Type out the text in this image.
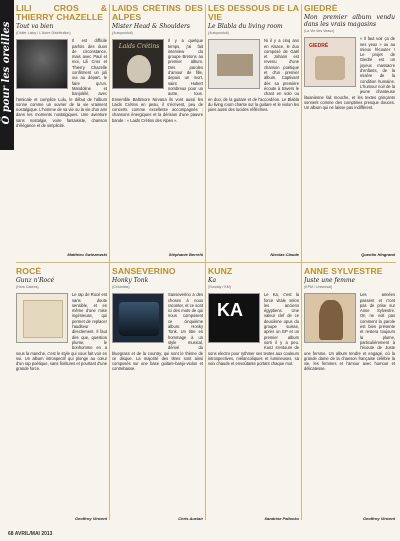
Ô pour les oreilles
LILI CROS & THIERRY CHAZELLE
Tout va bien
(Didier Laloy / L'Autre Distribution)
Il est difficile parfois des duos de circonstance, mais avec Paul et moi, Lili Cros et Thierry Chazelle confirment un joli oui au départ, le faire qu'un. Mandoline et banjolélé, avec l'amicale et complice Lulu, le début de l'album sonne comme un ouvrier de la vie vraiment nostalgique. L'homme de sa vie ou la vie d'un ami dans les moments nostalgiques. Une aventure sans nostalgie, voire fantaisiste, chanson d'élégance et de simplicité.
Matthieu Swiezewski
LAIDS CRÉTINS DES ALPES
Mister Head & Shoulders
(Autoproduit)
Laids Crétins
Il y a quelque temps, j'ai fait interview du groupe Bretons au premier album. Des paroles d'amour de fille, depuis un mort, saint Hubert nombreux pour un autre, tous. Ensemble Baltimore Nirvana ils vont aussi les Laids Crétins en peau, il s'écrivent, peu de concerts comme excellente accompagnés : chansons énergiques et la dérision d'une pauvre bande : « Laids Crétins des Alpes ».
Stéphanie Berrehi
LES DESSOUS DE LA VIE
Le Blabla du living room
(Autoproduit)
Ni il y a cinq ans en Alsace, le duo composé de Gaël et Johann est revenu d'une chanson poétique et d'un premier album. Captivant dès sa première écoute à travers le chant en solo ou en duo, de la guitare et de l'accordéon. Le Blabla du living room chante sur la guitare et le violon les joies aussi des lucides réfléchies.
Nicolas Claude
GIEDRÉ
Mon premier album vendu dans les vrais magasins
(La Vie des Veaux)
GIEDRÉ
« Il faut voir ça de ses yeux » ou au mieux l'écouter ! Le projet de Giedré est un joyeux massacre d'enfants, de la misère de la condition humaine. L'humour noir de la jeune chanteuse lituanienne fait mouche, et les textes grinçants sonnent comme des comptines presque douces. Un album qui ne laisse pas indifférent.
Quentin Hingrand
ROCÉ
Gunz n'Rocé
(Hors Cadres)
Le rap de Rocé est sans doute sensible, et en même d'une mise ingénieuse, qui permet de replacer l'auditeur directement. Il faut dire que, question plume, le bonhomme en a sous la manche, c'est le style qui vous fait voir en soi. Un album introspectif qui plonge au cœur d'un rap poétique, sans fioritures et pourtant d'une grande force.
Geoffroy Vincent
SANSEVERINO
Honky Tonk
(Columbia)
Sanseverino a des choses à nous raconter, et ce sont ici des mots de qui nous composent ce cinquième album. Honky Tonk. Un titre en hommage à un style musical, dérivé du bluegrass et de la country, qui sont le thème de ce disque. La majorité des titres sont ainsi composés sur une base guitare-banjo-violon et contrebasse.
Chris Auclair
KUNZ
Ka
(Sunday / KM)
KA
Le Ka, c'est la force vitale selon les anciens égyptiens. Une valeur clef de ce deuxième opus du groupe suisse, après un EP et un premier album sorti il y a peu. Kunz s'entoure de sons electro pour rythmer ses textes aux couleurs introspectives, mélancoliques et lumineuses, sa voix chaude et envoûtante portant chaque mot.
Sandrine Pallocko
ANNE SYLVESTRE
Juste une femme
(EPM / Universal)
Les années passent et n'ont pas de prise sur Anne Sylvestre. On ne voit pas comment la parole est bien présente et restera toujours la plume, particulièrement à l'écoute de Juste une femme. Un album tendre et engagé, où la grande dame de la chanson française célèbre la vie, les femmes et l'amour avec humour et délicatesse.
Geoffroy Vincent
68 AVRIL/MAI 2013
